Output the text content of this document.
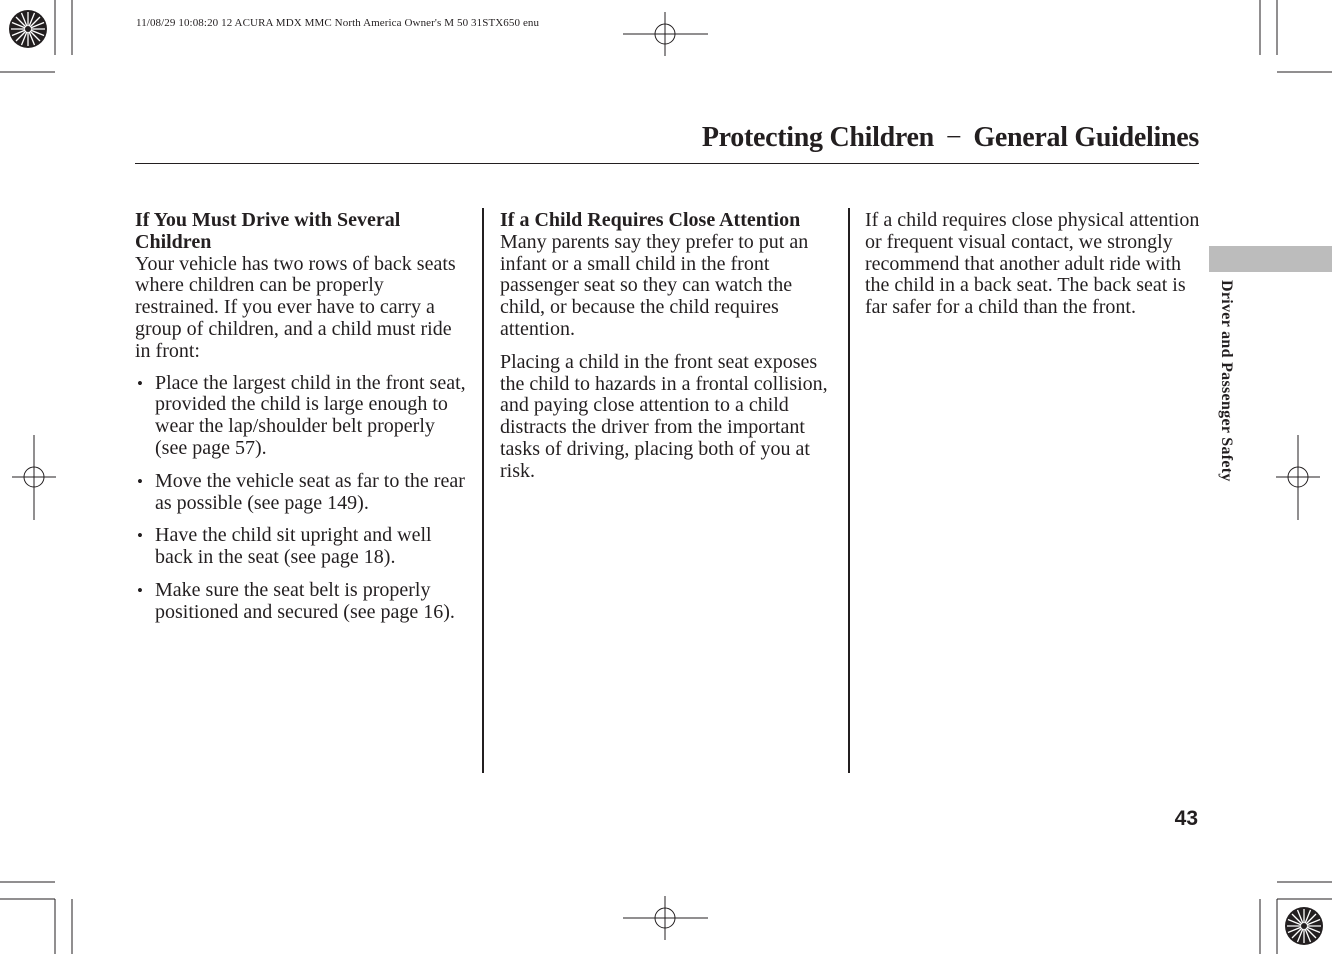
11/08/29 10:08:20 12 ACURA MDX MMC North America Owner's M 50 31STX650 enu
Protecting Children − General Guidelines

If You Must Drive with Several Children

Your vehicle has two rows of back seats where children can be properly restrained. If you ever have to carry a group of children, and a child must ride in front:

• Place the largest child in the front seat, provided the child is large enough to wear the lap/shoulder belt properly (see page 57).
• Move the vehicle seat as far to the rear as possible (see page 149).
• Have the child sit upright and well back in the seat (see page 18).
• Make sure the seat belt is properly positioned and secured (see page 16).

If a Child Requires Close Attention

Many parents say they prefer to put an infant or a small child in the front passenger seat so they can watch the child, or because the child requires attention.

Placing a child in the front seat exposes the child to hazards in a frontal collision, and paying close attention to a child distracts the driver from the important tasks of driving, placing both of you at risk.

If a child requires close physical attention or frequent visual contact, we strongly recommend that another adult ride with the child in a back seat. The back seat is far safer for a child than the front.	Driver and Passenger Safety
43
